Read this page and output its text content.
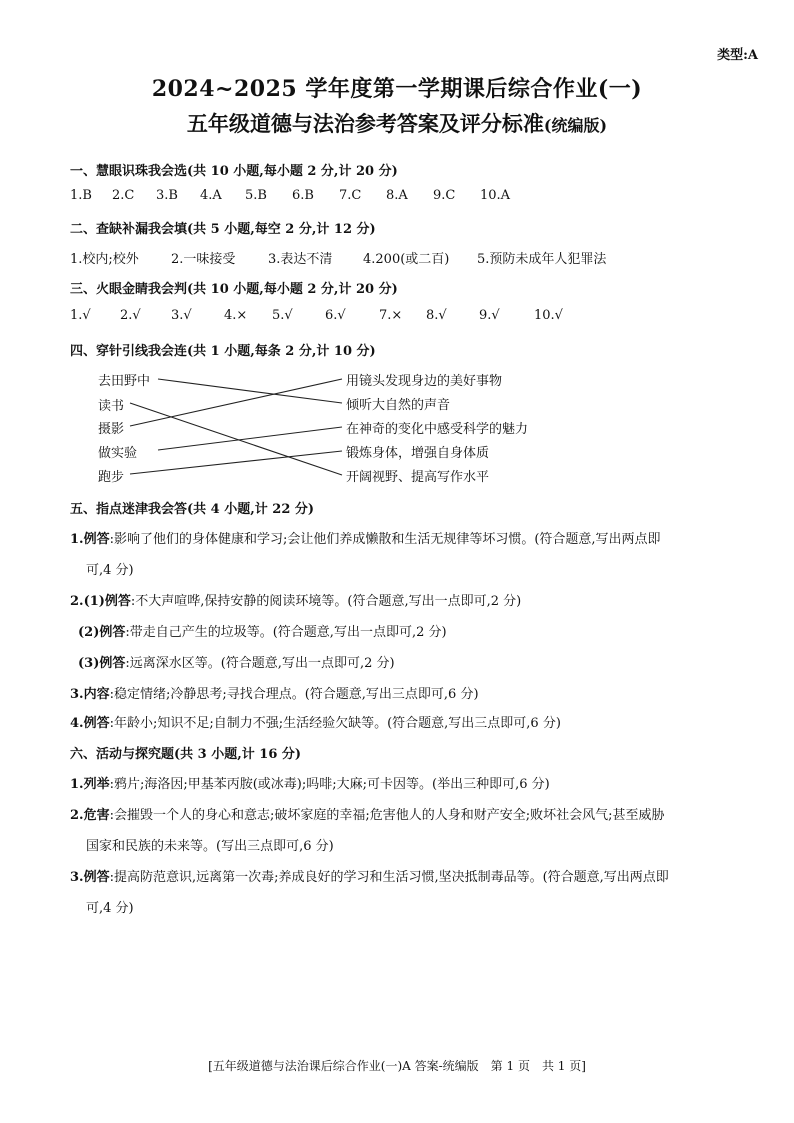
类型:A
2024~2025 学年度第一学期课后综合作业(一)
五年级道德与法治参考答案及评分标准(统编版)
一、慧眼识珠我会选(共 10 小题,每小题 2 分,计 20 分)
1.B 2.C 3.B 4.A 5.B 6.B 7.C 8.A 9.C 10.A
二、查缺补漏我会填(共 5 小题,每空 2 分,计 12 分)
1.校内;校外 2.一味接受	3.表达不清 4.200(或二百) 5.预防未成年人犯罪法
三、火眼金睛我会判(共 10 小题,每小题 2 分,计 20 分)
1.√ 2.√ 3.√ 4.× 5.√ 6.√	7.× 8.√ 9.√	10.√
四、穿针引线我会连(共 1 小题,每条 2 分,计 10 分)
去田野中
读书
摄影
做实验
跑步
用镜头发现身边的美好事物
倾听大自然的声音
在神奇的变化中感受科学的魅力
锻炼身体，增强自身体质
开阔视野、提高写作水平
五、指点迷津我会答(共 4 小题,计 22 分)
1.例答:影响了他们的身体健康和学习;会让他们养成懒散和生活无规律等坏习惯。(符合题意,写出两点即
可,4 分)
2.(1)例答:不大声喧哗,保持安静的阅读环境等。(符合题意,写出一点即可,2 分)
(2)例答:带走自己产生的垃圾等。(符合题意,写出一点即可,2 分)
(3)例答:远离深水区等。(符合题意,写出一点即可,2 分)
3.内容:稳定情绪;冷静思考;寻找合理点。(符合题意,写出三点即可,6 分)
4.例答:年龄小;知识不足;自制力不强;生活经验欠缺等。(符合题意,写出三点即可,6 分)
六、活动与探究题(共 3 小题,计 16 分)
1.列举:鸦片;海洛因;甲基苯丙胺(或冰毒);吗啡;大麻;可卡因等。(举出三种即可,6 分)
2.危害:会摧毁一个人的身心和意志;破坏家庭的幸福;危害他人的人身和财产安全;败坏社会风气;甚至威胁
国家和民族的未来等。(写出三点即可,6 分)
3.例答:提高防范意识,远离第一次毒;养成良好的学习和生活习惯,坚决抵制毒品等。(符合题意,写出两点即
可,4 分)
[五年级道德与法治课后综合作业(一)A 答案-统编版　第 1 页　共 1 页]
